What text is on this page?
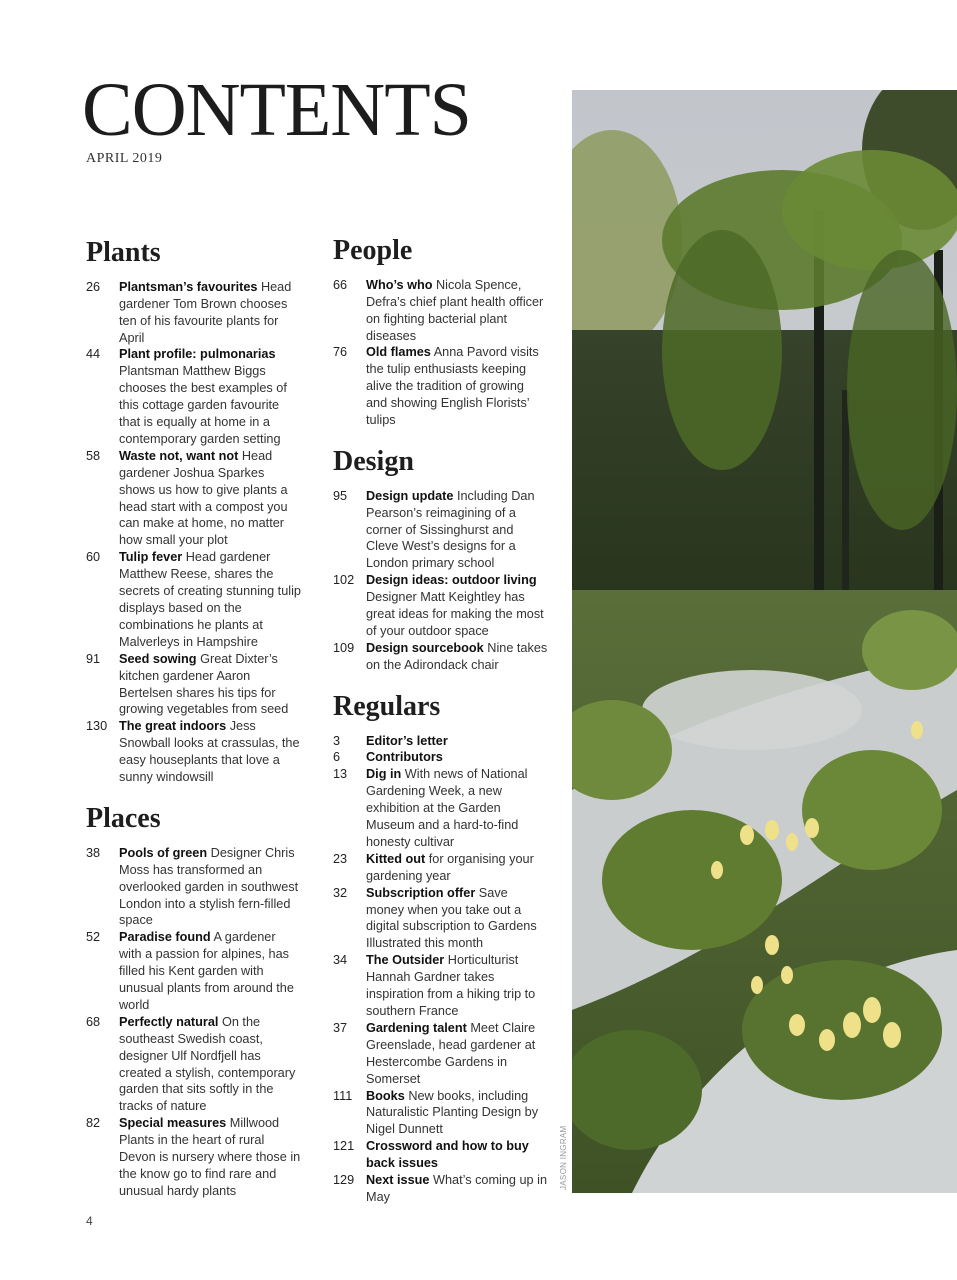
CONTENTS
APRIL 2019
Plants
26	Plantsman’s favourites Head gardener Tom Brown chooses ten of his favourite plants for April
44	Plant profile: pulmonarias Plantsman Matthew Biggs chooses the best examples of this cottage garden favourite that is equally at home in a contemporary garden setting
58	Waste not, want not Head gardener Joshua Sparkes shows us how to give plants a head start with a compost you can make at home, no matter how small your plot
60	Tulip fever Head gardener Matthew Reese, shares the secrets of creating stunning tulip displays based on the combinations he plants at Malverleys in Hampshire
91	Seed sowing Great Dixter’s kitchen gardener Aaron Bertelsen shares his tips for growing vegetables from seed
130 The great indoors Jess Snowball looks at crassulas, the easy houseplants that love a sunny windowsill
Places
38	Pools of green Designer Chris Moss has transformed an overlooked garden in southwest London into a stylish fern-filled space
52	Paradise found A gardener with a passion for alpines, has filled his Kent garden with unusual plants from around the world
68	Perfectly natural On the southeast Swedish coast, designer Ulf Nordfjell has created a stylish, contemporary garden that sits softly in the tracks of nature
82	Special measures Millwood Plants in the heart of rural Devon is nursery where those in the know go to find rare and unusual hardy plants
People
66	Who’s who Nicola Spence, Defra’s chief plant health officer on fighting bacterial plant diseases
76	Old flames Anna Pavord visits the tulip enthusiasts keeping alive the tradition of growing and showing English Florists’ tulips
Design
95	Design update Including Dan Pearson’s reimagining of a corner of Sissinghurst and Cleve West’s designs for a London primary school
102 Design ideas: outdoor living Designer Matt Keightley has great ideas for making the most of your outdoor space
109 Design sourcebook Nine takes on the Adirondack chair
Regulars
3	Editor’s letter
6	Contributors
13	Dig in With news of National Gardening Week, a new exhibition at the Garden Museum and a hard-to-find honesty cultivar
23	Kitted out for organising your gardening year
32	Subscription offer Save money when you take out a digital subscription to Gardens Illustrated this month
34	The Outsider Horticulturist Hannah Gardner takes inspiration from a hiking trip to southern France
37	Gardening talent Meet Claire Greenslade, head gardener at Hestercombe Gardens in Somerset
111	Books New books, including Naturalistic Planting Design by Nigel Dunnett
121 Crossword and how to buy back issues
129 Next issue What’s coming up in May
JASON INGRAM
4
